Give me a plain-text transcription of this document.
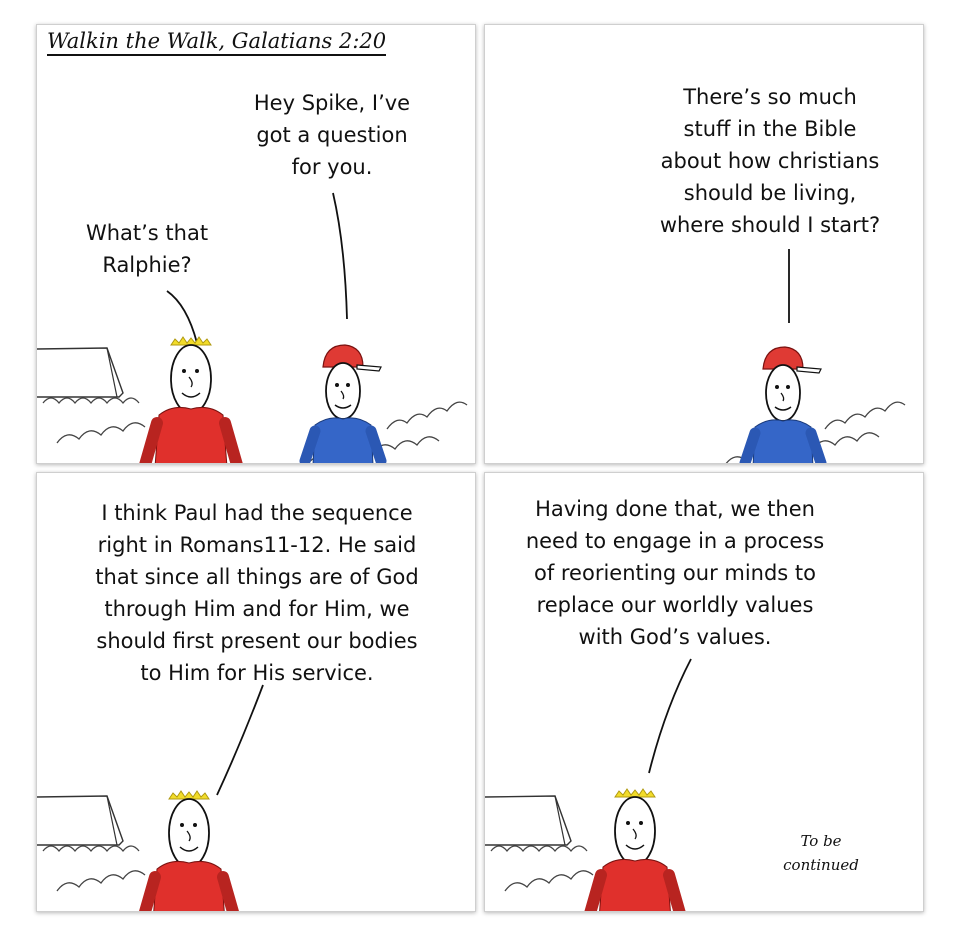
Walkin the Walk, Galatians 2:20
Hey Spike, I’ve
got a question
for you.
What’s that
Ralphie?
There’s so much
stuff in the Bible
about how christians
should be living,
where should I start?
I think Paul had the sequence
right in Romans11-12. He said
that since all things are of God
through Him and for Him, we
should first present our bodies
to Him for His service.
Having done that, we then
need to engage in a process
of reorienting our minds to
replace our worldly values
with God’s values.
To be
continued
